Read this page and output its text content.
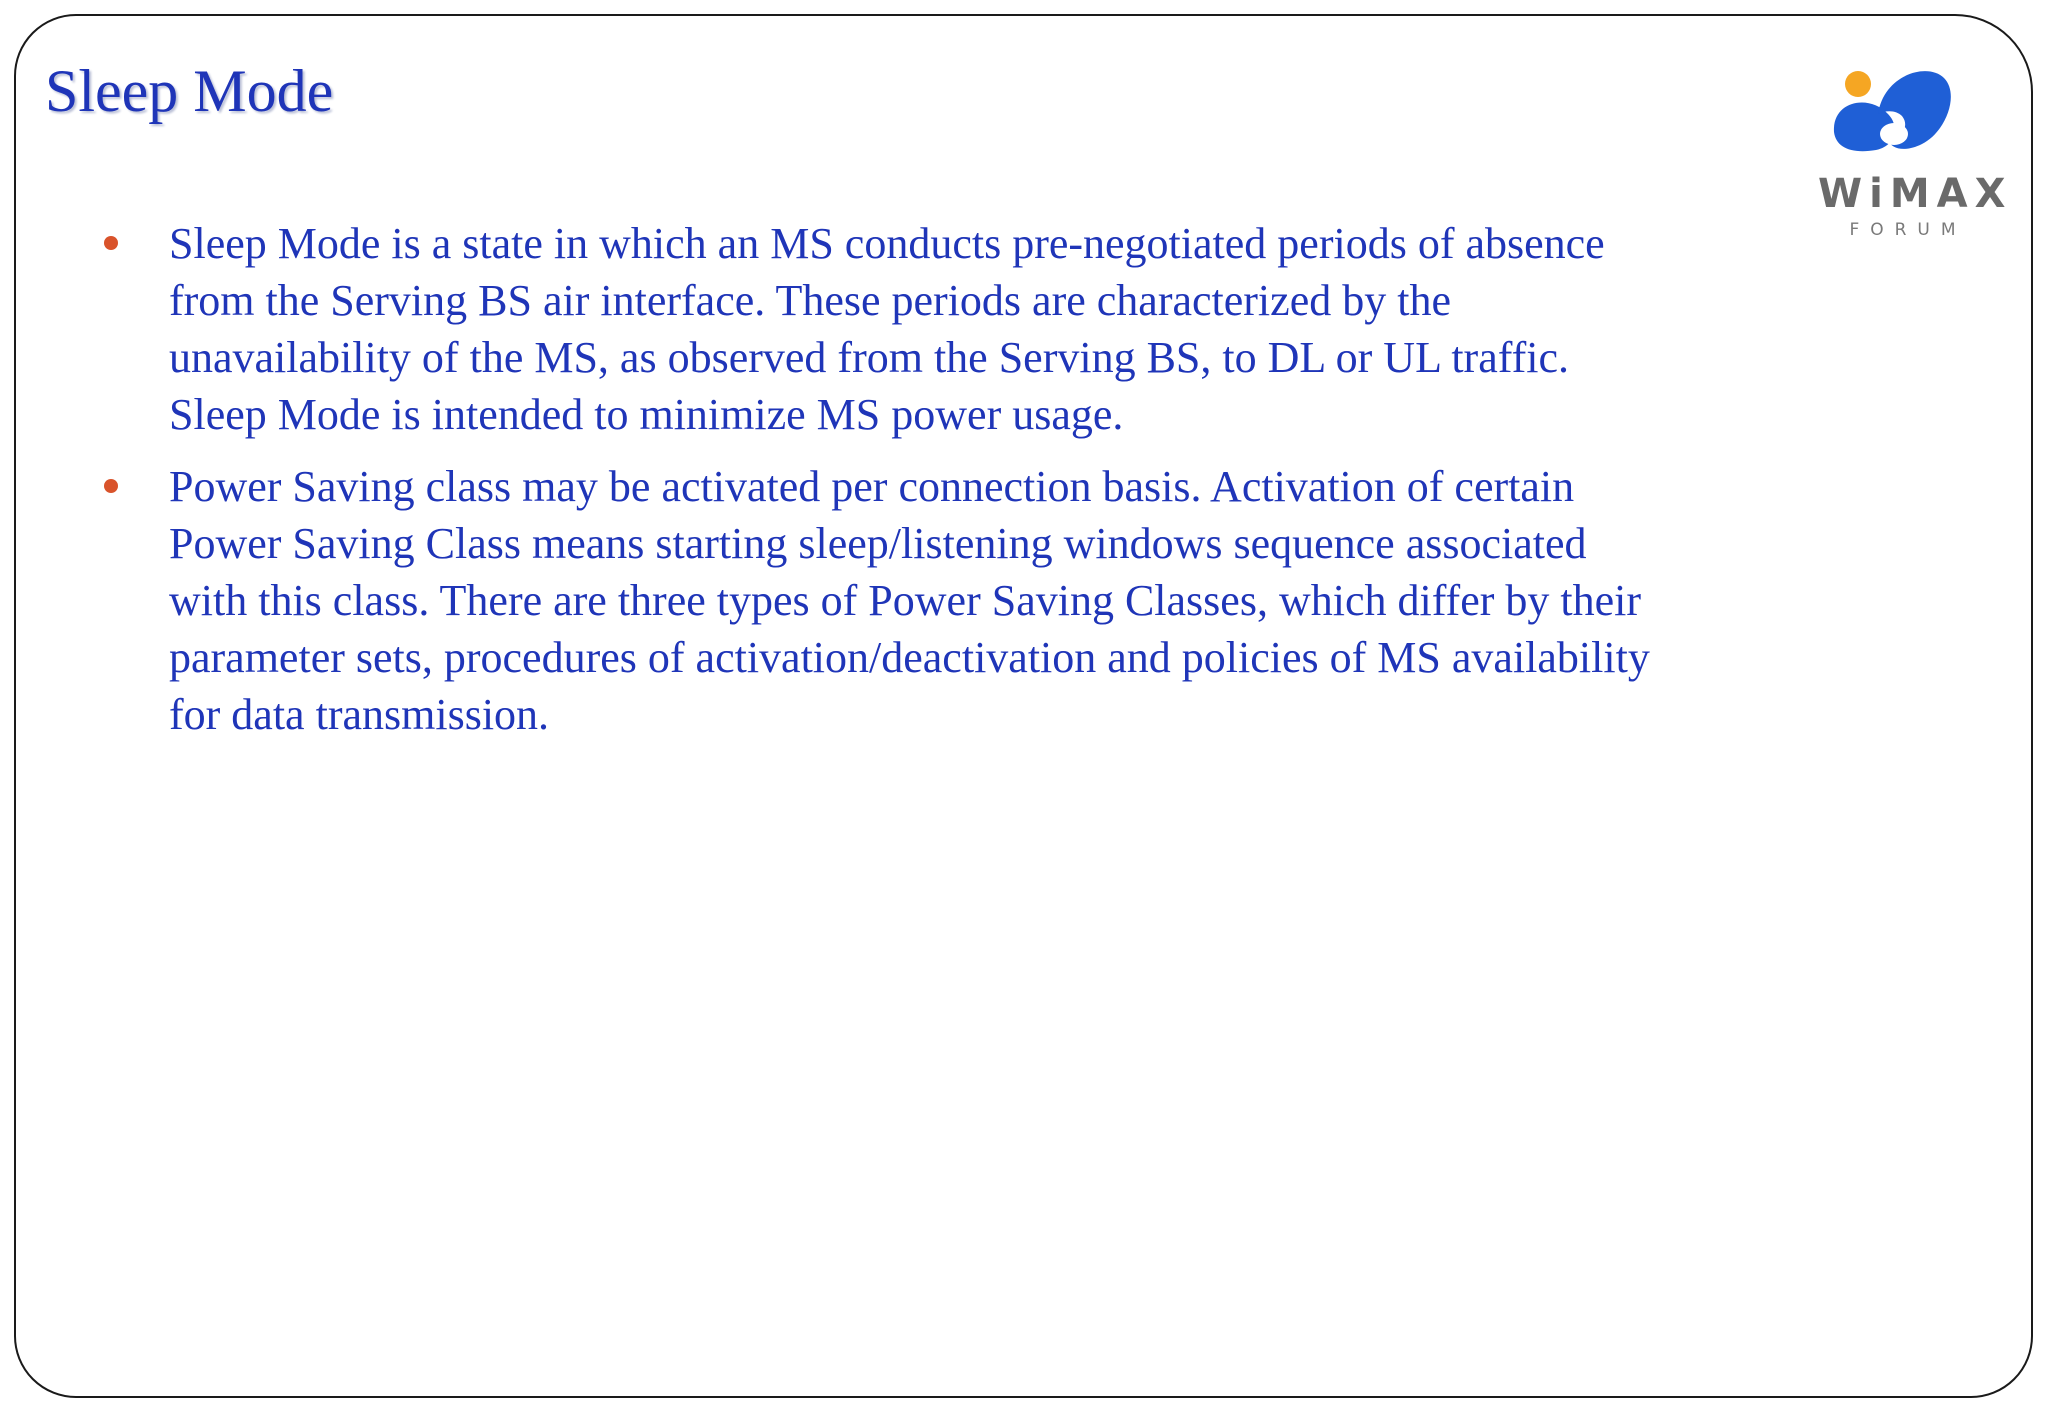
Sleep Mode
WiMAX
FORUM
Sleep Mode is a state in which an MS conducts pre-negotiated periods of absence from the Serving BS air interface. These periods are characterized by the unavailability of the MS, as observed from the Serving BS, to DL or UL traffic. Sleep Mode is intended to minimize MS power usage.
Power Saving class may be activated per connection basis. Activation of certain Power Saving Class means starting sleep/listening windows sequence associated with this class. There are three types of Power Saving Classes, which differ by their parameter sets, procedures of activation/deactivation and policies of MS availability for data transmission.
